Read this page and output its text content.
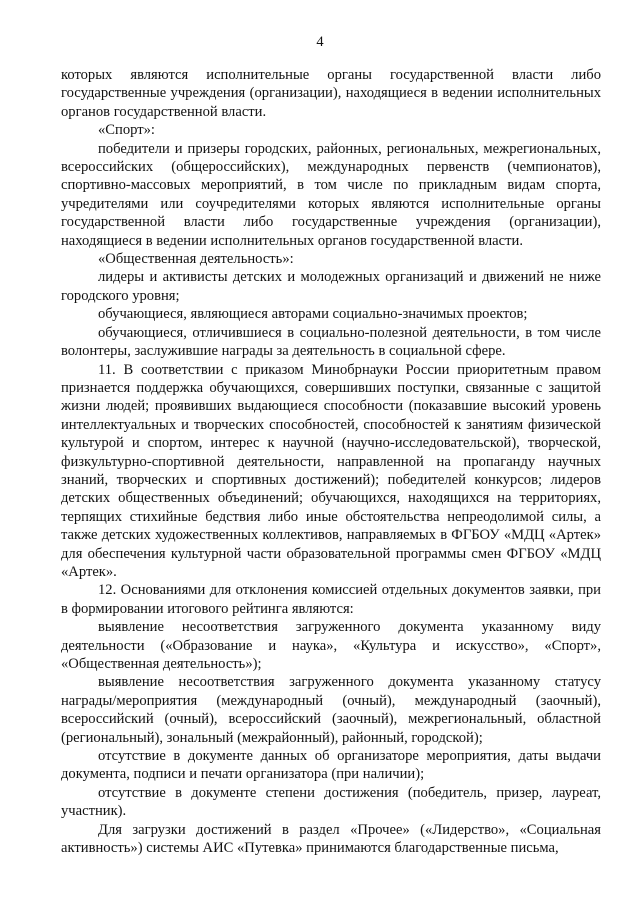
4

которых являются исполнительные органы государственной власти либо государственные учреждения (организации), находящиеся в ведении исполнительных органов государственной власти.

«Спорт»:

победители и призеры городских, районных, региональных, межрегиональных, всероссийских (общероссийских), международных первенств (чемпионатов), спортивно-массовых мероприятий, в том числе по прикладным видам спорта, учредителями или соучредителями которых являются исполнительные органы государственной власти либо государственные учреждения (организации), находящиеся в ведении исполнительных органов государственной власти.

«Общественная деятельность»:

лидеры и активисты детских и молодежных организаций и движений не ниже городского уровня;

обучающиеся, являющиеся авторами социально-значимых проектов;

обучающиеся, отличившиеся в социально-полезной деятельности, в том числе волонтеры, заслужившие награды за деятельность в социальной сфере.

11. В соответствии с приказом Минобрнауки России приоритетным правом признается поддержка обучающихся, совершивших поступки, связанные с защитой жизни людей; проявивших выдающиеся способности (показавшие высокий уровень интеллектуальных и творческих способностей, способностей к занятиям физической культурой и спортом, интерес к научной (научно-исследовательской), творческой, физкультурно-спортивной деятельности, направленной на пропаганду научных знаний, творческих и спортивных достижений); победителей конкурсов; лидеров детских общественных объединений; обучающихся, находящихся на территориях, терпящих стихийные бедствия либо иные обстоятельства непреодолимой силы, а также детских художественных коллективов, направляемых в ФГБОУ «МДЦ «Артек» для обеспечения культурной части образовательной программы смен ФГБОУ «МДЦ «Артек».

12. Основаниями для отклонения комиссией отдельных документов заявки, при в формировании итогового рейтинга являются:

выявление несоответствия загруженного документа указанному виду деятельности («Образование и наука», «Культура и искусство», «Спорт», «Общественная деятельность»);

выявление несоответствия загруженного документа указанному статусу награды/мероприятия (международный (очный), международный (заочный), всероссийский (очный), всероссийский (заочный), межрегиональный, областной (региональный), зональный (межрайонный), районный, городской);

отсутствие в документе данных об организаторе мероприятия, даты выдачи документа, подписи и печати организатора (при наличии);

отсутствие в документе степени достижения (победитель, призер, лауреат, участник).

Для загрузки достижений в раздел «Прочее» («Лидерство», «Социальная активность») системы АИС «Путевка» принимаются благодарственные письма,
